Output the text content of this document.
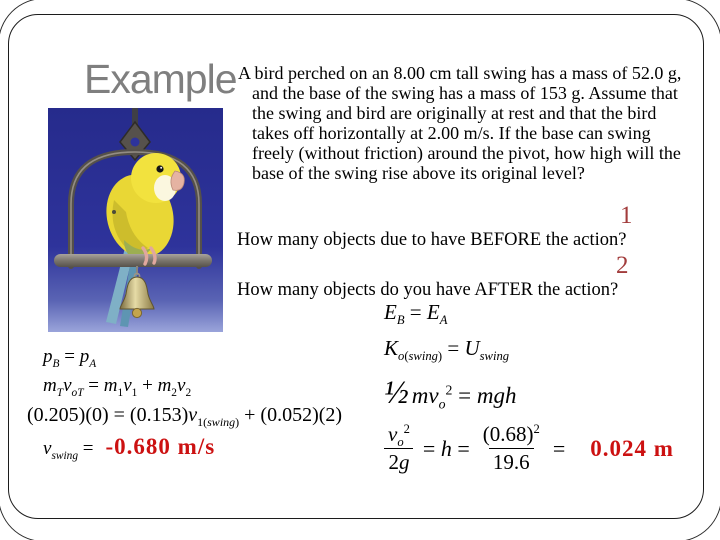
Example A bird perched on an 8.00 cm tall swing has a mass of 52.0 g, and the base of the swing has a mass of 153 g. Assume that the swing and bird are originally at rest and that the bird takes off horizontally at 2.00 m/s. If the base can swing freely (without friction) around the pivot, how high will the base of the swing rise above its original level?
1
How many objects due to have BEFORE the action?
2
How many objects do you have AFTER the action?
$p_B = p_A$
$m_Tv_{oT} = m_1v_1 + m_2v_2$
$(0.205)(0) = (0.153)v_{1(swing)} + (0.052)(2)$
$v_{swing} = -0.680$ m/s
$E_B = E_A$
$K_{o(swing)} = U_{swing}$
½ $mv_o^2$ = mgh
$\frac{v_o^2}{2g} = h = \frac{(0.68)^2}{19.6} = 0.024$ m
